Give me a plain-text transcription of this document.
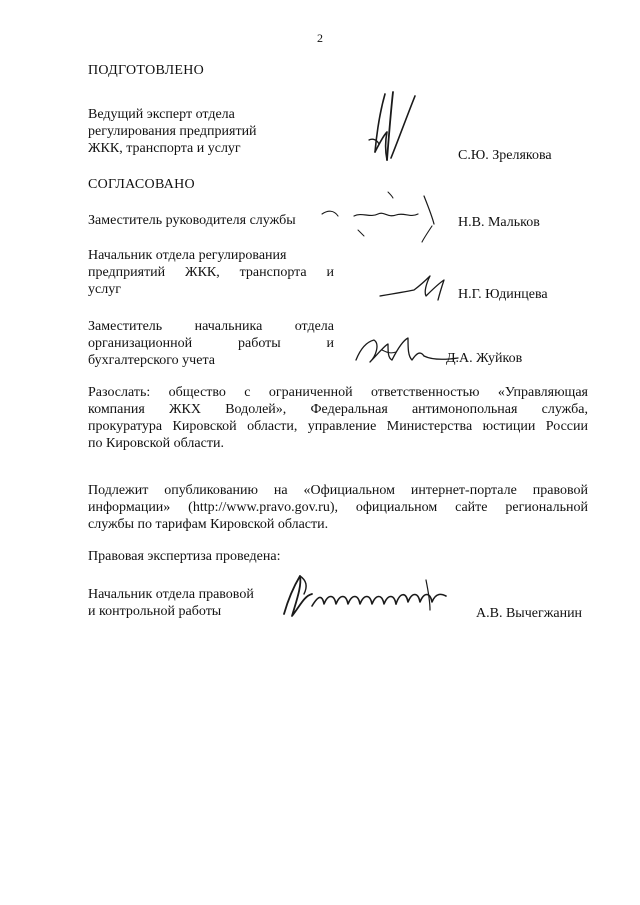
2
ПОДГОТОВЛЕНО
Ведущий эксперт отдела
регулирования предприятий
ЖКК, транспорта и услуг	С.Ю. Зрелякова
СОГЛАСОВАНО
Заместитель руководителя службы	Н.В. Мальков
Начальник отдела регулирования
предприятий ЖКК, транспорта и
услуг	Н.Г. Юдинцева
Заместитель начальника отдела
организационной работы и
бухгалтерского учета	Д.А. Жуйков
Разослать: общество с ограниченной ответственностью «Управляющая
компания ЖКХ Водолей», Федеральная антимонопольная служба,
прокуратура Кировской области, управление Министерства юстиции России
по Кировской области.
Подлежит опубликованию на «Официальном интернет-портале правовой
информации» (http://www.pravo.gov.ru), официальном сайте региональной
службы по тарифам Кировской области.
Правовая экспертиза проведена:
Начальник отдела правовой
и контрольной работы	А.В. Вычегжанин
